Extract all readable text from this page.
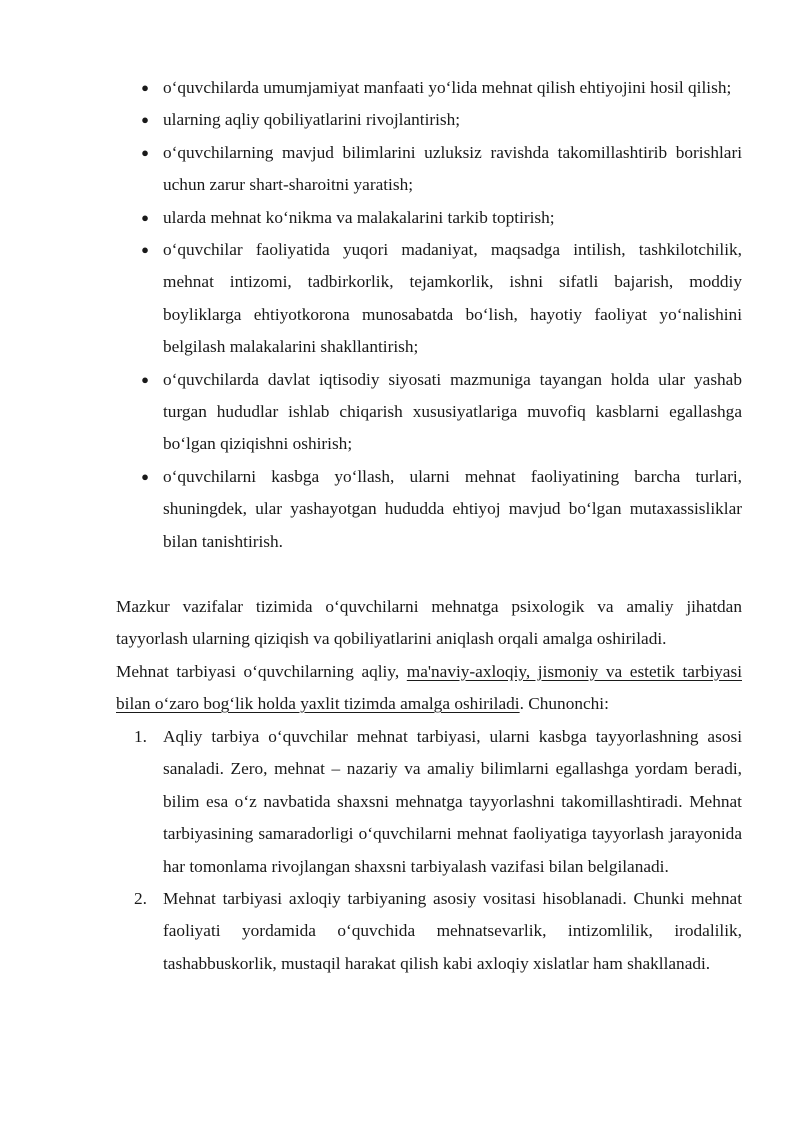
● o‘quvchilarda umumjamiyat manfaati yo‘lida mehnat qilish ehtiyojini hosil qilish;
● ularning aqliy qobiliyatlarini rivojlantirish;
● o‘quvchilarning mavjud bilimlarini uzluksiz ravishda takomillashtirib borishlari uchun zarur shart-sharoitni yaratish;
● ularda mehnat ko‘nikma va malakalarini tarkib toptirish;
● o‘quvchilar faoliyatida yuqori madaniyat, maqsadga intilish, tashkilotchilik, mehnat intizomi, tadbirkorlik, tejamkorlik, ishni sifatli bajarish, moddiy boyliklarga ehtiyotkorona munosabatda bo‘lish, hayotiy faoliyat yo‘nalishini belgilash malakalarini shakllantirish;
● o‘quvchilarda davlat iqtisodiy siyosati mazmuniga tayangan holda ular yashab turgan hududlar ishlab chiqarish xususiyatlariga muvofiq kasblarni egallashga bo‘lgan qiziqishni oshirish;
● o‘quvchilarni kasbga yo‘llash, ularni mehnat faoliyatining barcha turlari, shuningdek, ular yashayotgan hududda ehtiyoj mavjud bo‘lgan mutaxassisliklar bilan tanishtirish.

Mazkur vazifalar tizimida o‘quvchilarni mehnatga psixologik va amaliy jihatdan tayyorlash ularning qiziqish va qobiliyatlarini aniqlash orqali amalga oshiriladi.

Mehnat tarbiyasi o‘quvchilarning aqliy, ma'naviy-axloqiy, jismoniy va estetik tarbiyasi bilan o‘zaro bog‘lik holda yaxlit tizimda amalga oshiriladi. Chunonchi:

1. Aqliy tarbiya o‘quvchilar mehnat tarbiyasi, ularni kasbga tayyorlashning asosi sanaladi. Zero, mehnat – nazariy va amaliy bilimlarni egallashga yordam beradi, bilim esa o‘z navbatida shaxsni mehnatga tayyorlashni takomillashtiradi. Mehnat tarbiyasining samaradorligi o‘quvchilarni mehnat faoliyatiga tayyorlash jarayonida har tomonlama rivojlangan shaxsni tarbiyalash vazifasi bilan belgilanadi.
2. Mehnat tarbiyasi axloqiy tarbiyaning asosiy vositasi hisoblanadi. Chunki mehnat faoliyati yordamida o‘quvchida mehnatsevarlik, intizomlilik, irodalilik, tashabbuskorlik, mustaqil harakat qilish kabi axloqiy xislatlar ham shakllanadi.
